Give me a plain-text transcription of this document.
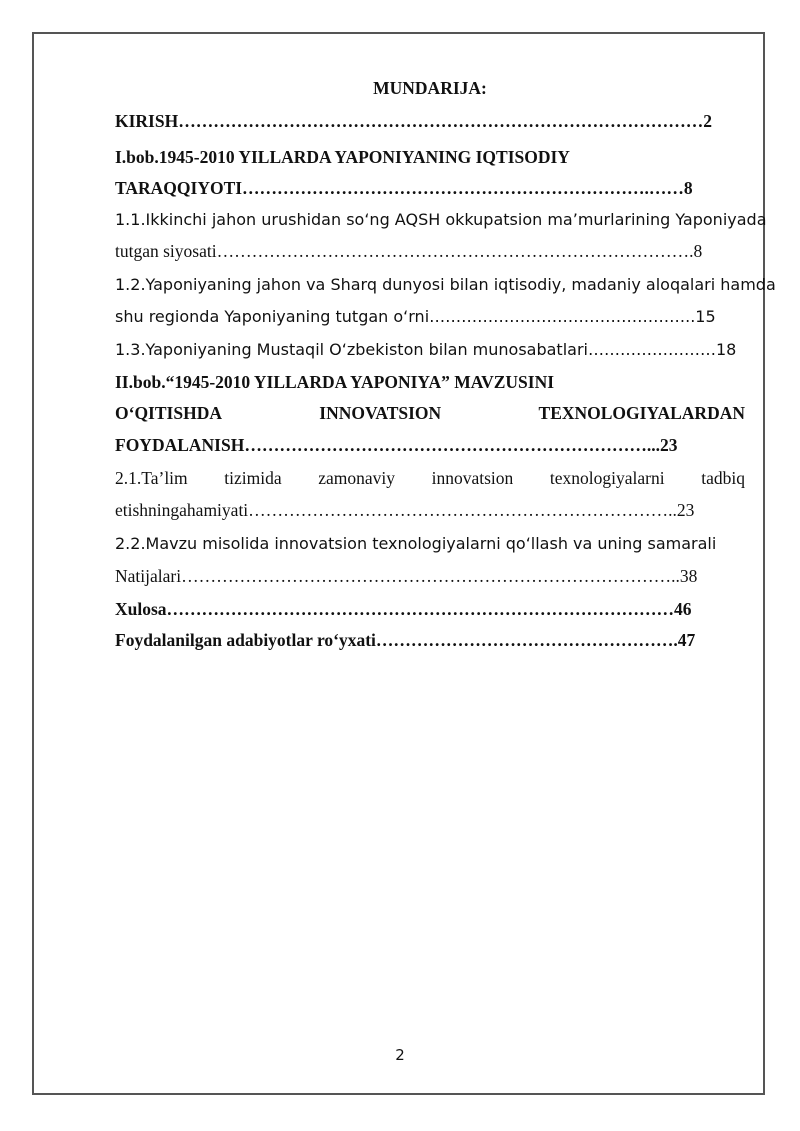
MUNDARIJA:
KIRISH………………………………………………………………………………2
I.bob.1945-2010 YILLARDA YAPONIYANING IQTISODIY
TARAQQIYOTI…………………………………………………………….……8
1.1.Ikkinchi jahon urushidan so‘ng AQSH okkupatsion ma’murlarining Yaponiyada
tutgan siyosati……………………………………………………………………….8
1.2.Yaponiyaning jahon va Sharq dunyosi bilan iqtisodiy, madaniy aloqalari hamda
shu regionda Yaponiyaning tutgan o‘rni…………………………………………..15
1.3.Yaponiyaning Mustaqil O‘zbekiston bilan munosabatlari……………………18
II.bob.“1945-2010 YILLARDA YAPONIYA” MAVZUSINI
O‘QITISHDA	INNOVATSION	TEXNOLOGIYALARDAN
FOYDALANISH……………………………………………………………...23
2.1.Ta’lim tizimida zamonaviy innovatsion texnologiyalarni tadbiq
etishningahamiyati………………………………………………………………..23
2.2.Mavzu misolida innovatsion texnologiyalarni qo‘llash va uning samarali
Natijalari…………………………………………………………………………..38
Xulosa……………………………………………………………………………46
Foydalanilgan adabiyotlar ro‘yxati…………………………………………….47
2
